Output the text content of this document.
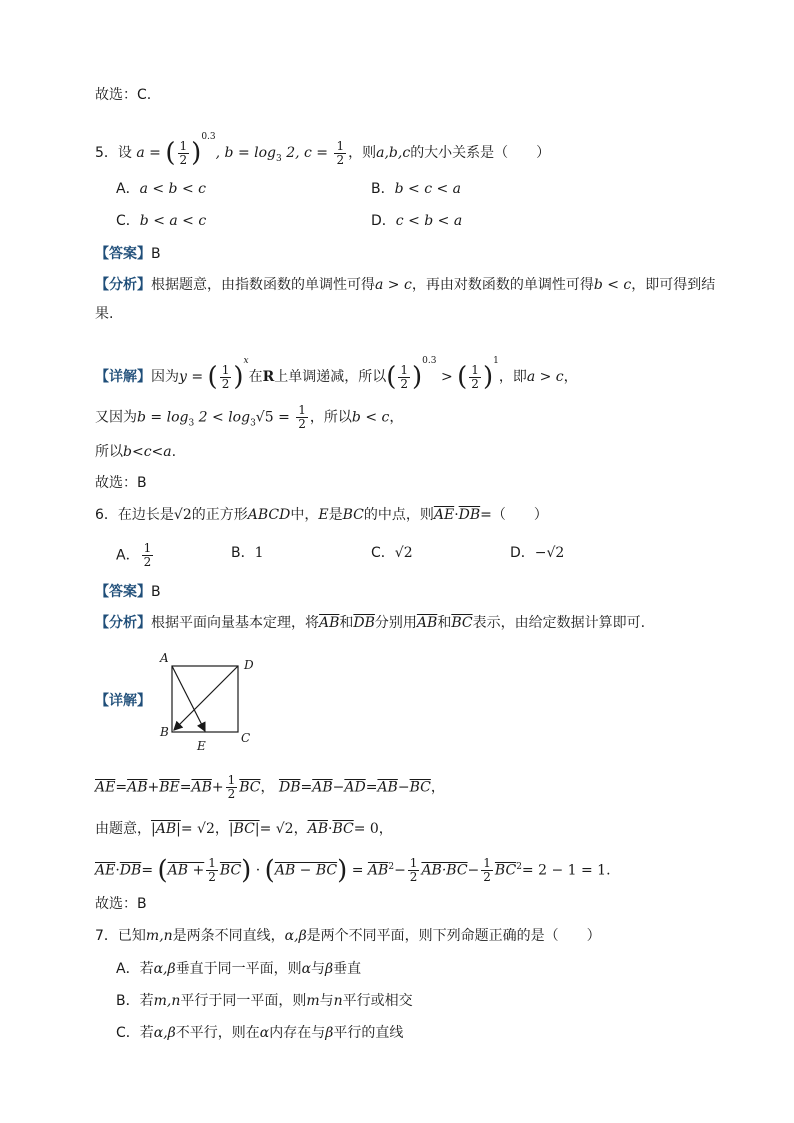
故选：C.
5．设 a = ( $\frac{1}{2} )^{0.3}$, $b = \log_3 2$, $c = \frac{1}{2}$ ，则a,b,c的大小关系是（　　）
A．a < b < c	B．b < c < a
C．b < a < c	D．c < b < a
【答案】B
【分析】根据题意，由指数函数的单调性可得a > c，再由对数函数的单调性可得b < c，即可得到结
果.
【详解】因为y = ( $\frac{1}{2} )^x$在R上单调递减，所以( $\frac{1}{2} )^{0.3}$ > ( $\frac{1}{2} )^1$，即a > c，
又因为$b = \log_3 2 < \log_3√5 = \frac{1}{2}$ ，所以b < c，
所以b<c<a.
故选：B
6．在边长是√2的正方形ABCD中，E是BC的中点，则$\overline{AE}\cdot\overline{DB}=$（　　）
A． $\frac{1}{2}$	B．1	C．√2	D．−√2
【答案】B
【分析】根据平面向量基本定理，将$\overline{AB}$和$\overline{DB}$分别用$\overline{AB}$和$\overline{BC}$表示，由给定数据计算即可.
【详解】
A	D
B	C
E
$\overline{AE}=\overline{AB}+\overline{BE}=\overline{AB}+ \frac{1}{2} \overline{BC}$， $\overline{DB}=\overline{AB}-\overline{AD}=\overline{AB}-\overline{BC}$，
由题意，|AB|= √2，|BC|= √2，$\overline{AB}\cdot\overline{BC}= 0$，
$\overline{AE}\cdot\overline{DB}= (AB + \frac{1}{2} \overline{BC}) \cdot (AB - BC) = \overline{AB}^2- \frac{1}{2} AB\cdot BC- \frac{1}{2} \overline{BC}^2= 2 - 1 = 1$.
故选：B
7．已知m,n是两条不同直线，α,β是两个不同平面，则下列命题正确的是（　　）
A．若α,β垂直于同一平面，则α与β垂直
B．若m,n平行于同一平面，则m与n平行或相交
C．若α,β不平行，则在α内存在与β平行的直线
